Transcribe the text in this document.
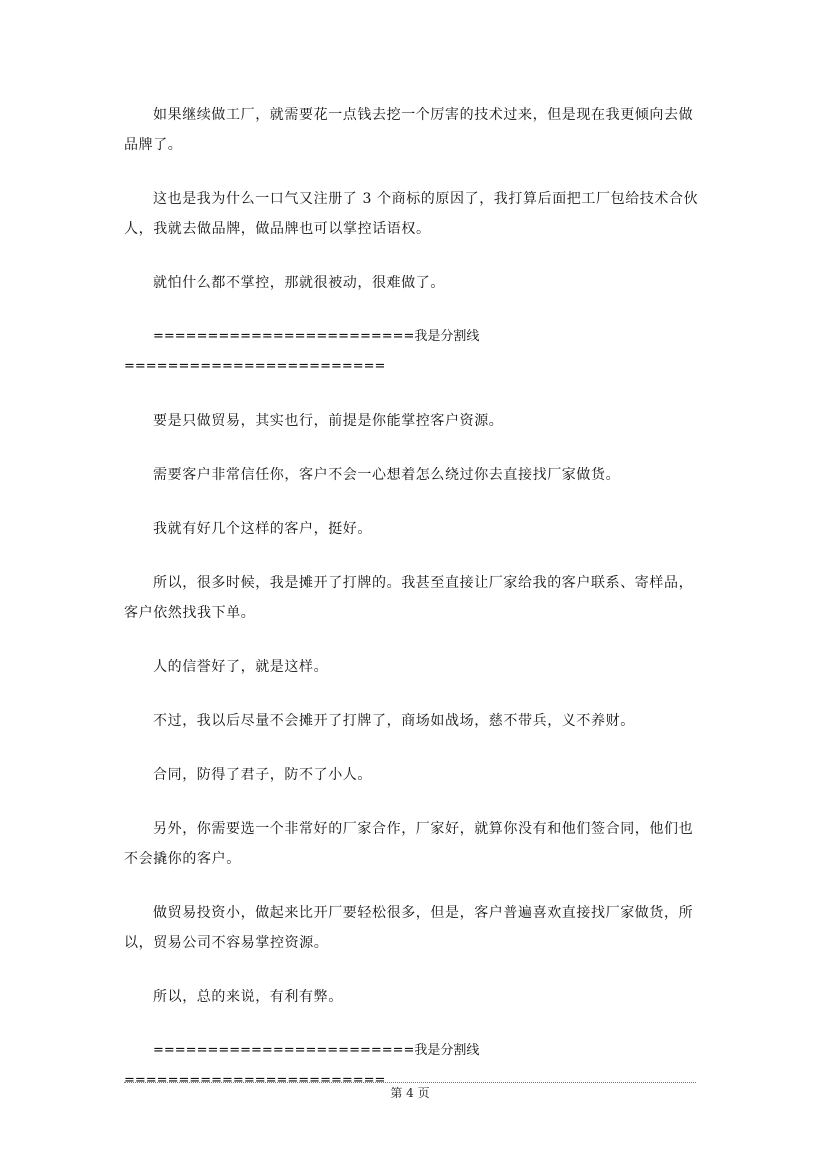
如果继续做工厂，就需要花一点钱去挖一个厉害的技术过来，但是现在我更倾向去做品牌了。

这也是我为什么一口气又注册了 3 个商标的原因了，我打算后面把工厂包给技术合伙人，我就去做品牌，做品牌也可以掌控话语权。

就怕什么都不掌控，那就很被动，很难做了。

========================我是分割线========================

要是只做贸易，其实也行，前提是你能掌控客户资源。

需要客户非常信任你，客户不会一心想着怎么绕过你去直接找厂家做货。

我就有好几个这样的客户，挺好。

所以，很多时候，我是摊开了打牌的。我甚至直接让厂家给我的客户联系、寄样品，客户依然找我下单。

人的信誉好了，就是这样。

不过，我以后尽量不会摊开了打牌了，商场如战场，慈不带兵，义不养财。

合同，防得了君子，防不了小人。

另外，你需要选一个非常好的厂家合作，厂家好，就算你没有和他们签合同，他们也不会撬你的客户。

做贸易投资小，做起来比开厂要轻松很多，但是，客户普遍喜欢直接找厂家做货，所以，贸易公司不容易掌控资源。

所以，总的来说，有利有弊。

========================我是分割线========================

第 4 页
